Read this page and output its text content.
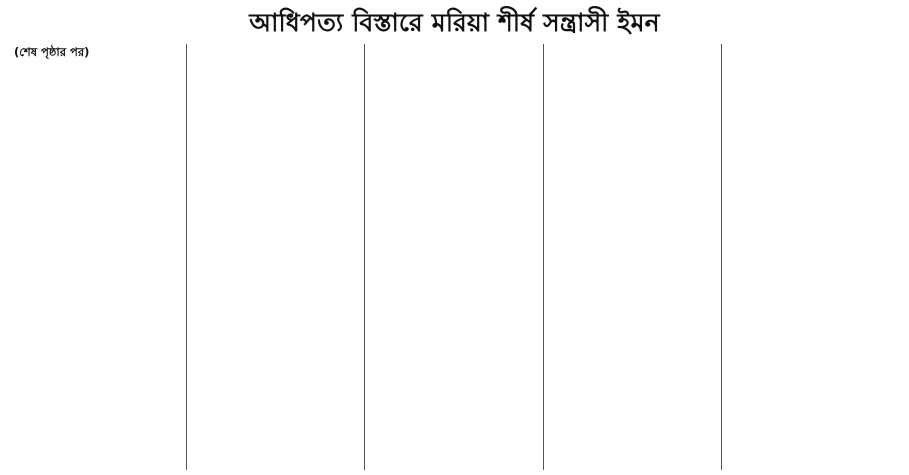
আধিপত্য বিস্তারে মরিয়া শীর্ষ সন্ত্রাসী ইমন

(শেষ পৃষ্ঠার পর)
